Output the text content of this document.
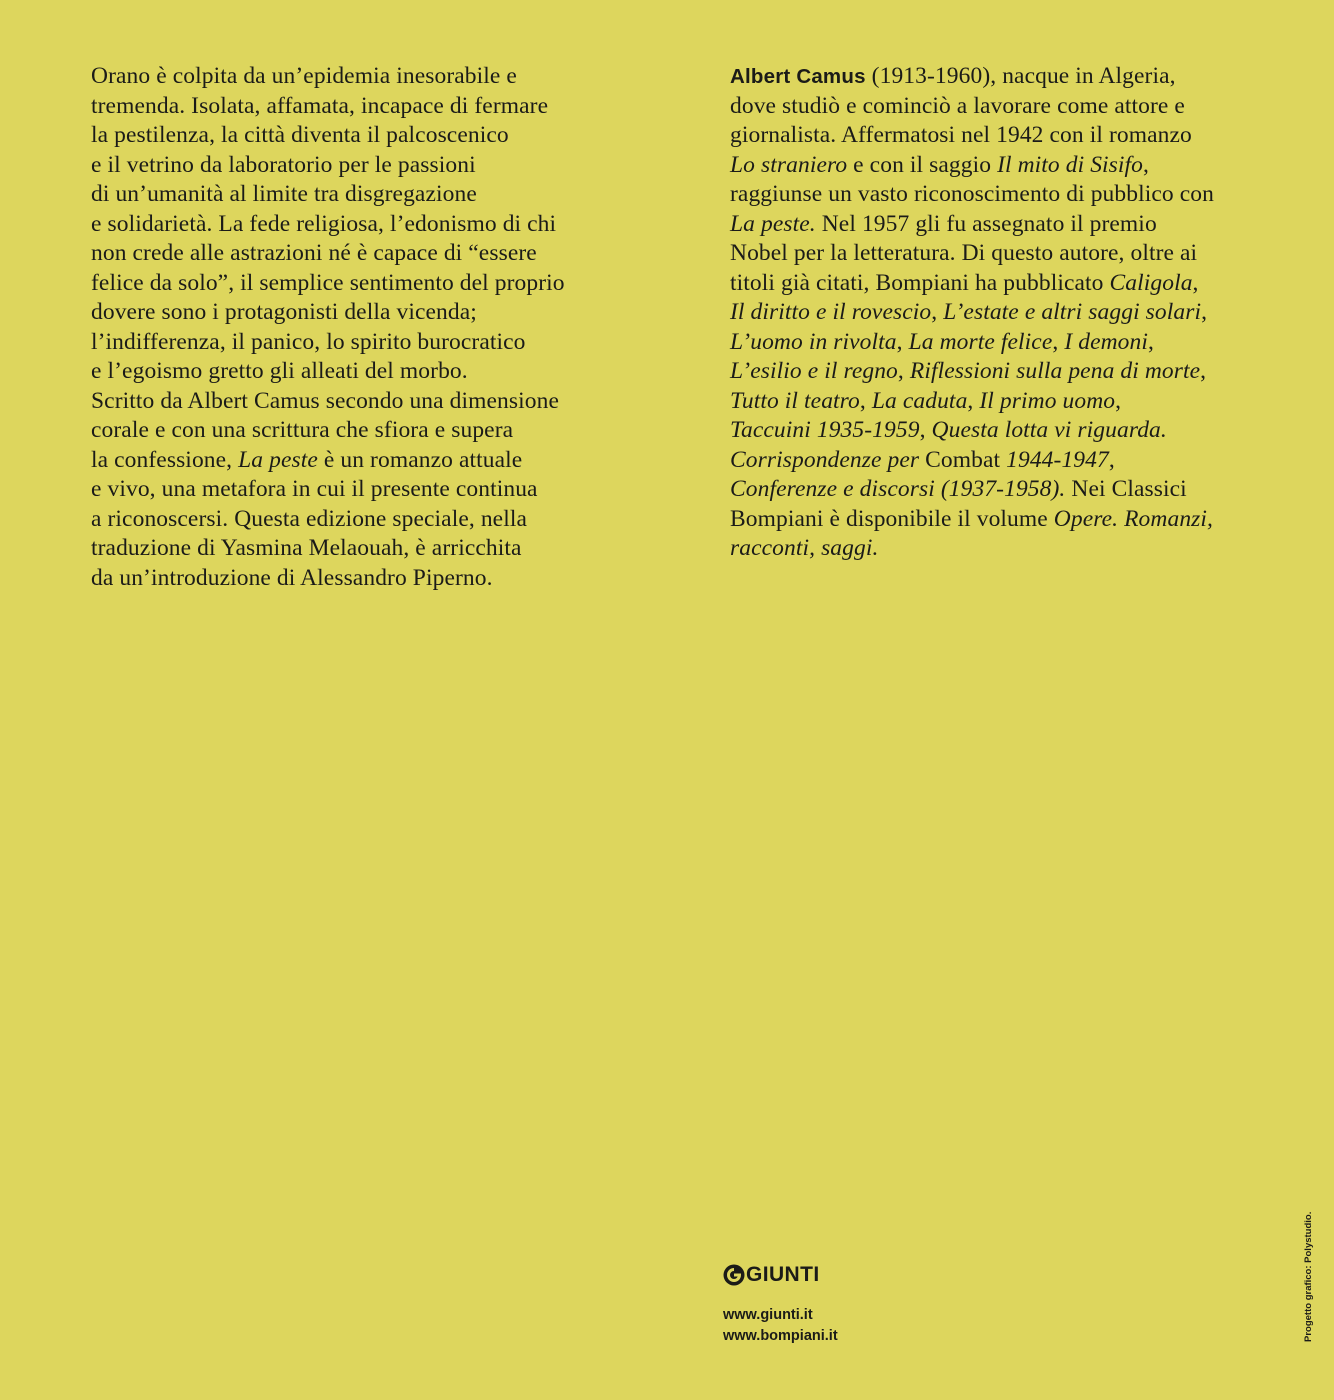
Orano è colpita da un’epidemia inesorabile e
tremenda. Isolata, affamata, incapace di fermare
la pestilenza, la città diventa il palcoscenico
e il vetrino da laboratorio per le passioni
di un’umanità al limite tra disgregazione
e solidarietà. La fede religiosa, l’edonismo di chi
non crede alle astrazioni né è capace di “essere
felice da solo”, il semplice sentimento del proprio
dovere sono i protagonisti della vicenda;
l’indifferenza, il panico, lo spirito burocratico
e l’egoismo gretto gli alleati del morbo.
Scritto da Albert Camus secondo una dimensione
corale e con una scrittura che sfiora e supera
la confessione, La peste è un romanzo attuale
e vivo, una metafora in cui il presente continua
a riconoscersi. Questa edizione speciale, nella
traduzione di Yasmina Melaouah, è arricchita
da un’introduzione di Alessandro Piperno.
Albert Camus (1913-1960), nacque in Algeria,
dove studiò e cominciò a lavorare come attore e
giornalista. Affermatosi nel 1942 con il romanzo
Lo straniero e con il saggio Il mito di Sisifo,
raggiunse un vasto riconoscimento di pubblico con
La peste. Nel 1957 gli fu assegnato il premio
Nobel per la letteratura. Di questo autore, oltre ai
titoli già citati, Bompiani ha pubblicato Caligola,
Il diritto e il rovescio, L’estate e altri saggi solari,
L’uomo in rivolta, La morte felice, I demoni,
L’esilio e il regno, Riflessioni sulla pena di morte,
Tutto il teatro, La caduta, Il primo uomo,
Taccuini 1935-1959, Questa lotta vi riguarda.
Corrispondenze per Combat 1944-1947,
Conferenze e discorsi (1937-1958). Nei Classici
Bompiani è disponibile il volume Opere. Romanzi,
racconti, saggi.
GIUNTI
www.giunti.it
www.bompiani.it	Progetto grafico: Polystudio.
